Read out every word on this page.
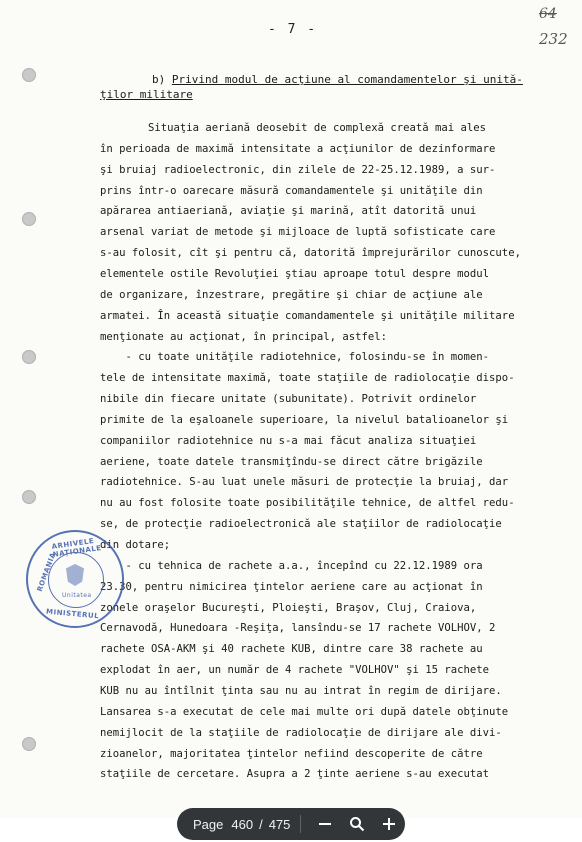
- 7 -
64
232
b) Privind modul de acţiune al comandamentelor şi unită-
ţilor militare
Situaţia aeriană deosebit de complexă creată mai ales
în perioada de maximă intensitate a acţiunilor de dezinformare
şi bruiaj radioelectronic, din zilele de 22-25.12.1989, a sur-
prins într-o oarecare măsură comandamentele şi unităţile din
apărarea antiaeriană, aviaţie şi marină, atît datorită unui
arsenal variat de metode şi mijloace de luptă sofisticate care
s-au folosit, cît şi pentru că, datorită împrejurărilor cunoscute,
elementele ostile Revoluţiei ştiau aproape totul despre modul
de organizare, înzestrare, pregătire şi chiar de acţiune ale
armatei. În această situaţie comandamentele şi unităţile militare
menţionate au acţionat, în principal, astfel:
- cu toate unităţile radiotehnice, folosindu-se în momen-
tele de intensitate maximă, toate staţiile de radiolocaţie dispo-
nibile din fiecare unitate (subunitate). Potrivit ordinelor
primite de la eşaloanele superioare, la nivelul batalioanelor şi
companiilor radiotehnice nu s-a mai făcut analiza situaţiei
aeriene, toate datele transmiţîndu-se direct către brigăzile
radiotehnice. S-au luat unele măsuri de protecţie la bruiaj, dar
nu au fost folosite toate posibilităţile tehnice, de altfel redu-
se, de protecţie radioelectronică ale staţiilor de radiolocaţie
din dotare;
- cu tehnica de rachete a.a., începînd cu 22.12.1989 ora
23.30, pentru nimicirea ţintelor aeriene care au acţionat în
zonele oraşelor Bucureşti, Ploieşti, Braşov, Cluj, Craiova,
Cernavodă, Hunedoara -Reşiţa, lansîndu-se 17 rachete VOLHOV, 2
rachete OSA-AKM şi 40 rachete KUB, dintre care 38 rachete au
explodat în aer, un număr de 4 rachete "VOLHOV" şi 15 rachete
KUB nu au întîlnit ţinta sau nu au intrat în regim de dirijare.
Lansarea s-a executat de cele mai multe ori după datele obţinute
nemijlocit de la staţiile de radiolocaţie de dirijare ale divi-
zioanelor, majoritatea ţintelor nefiind descoperite de către
staţiile de cercetare. Asupra a 2 ţinte aeriene s-au executat
ARHIVELE NAȚIONALE
ROMANIA
Unitatea
MINISTERUL
Page 460 / 475
